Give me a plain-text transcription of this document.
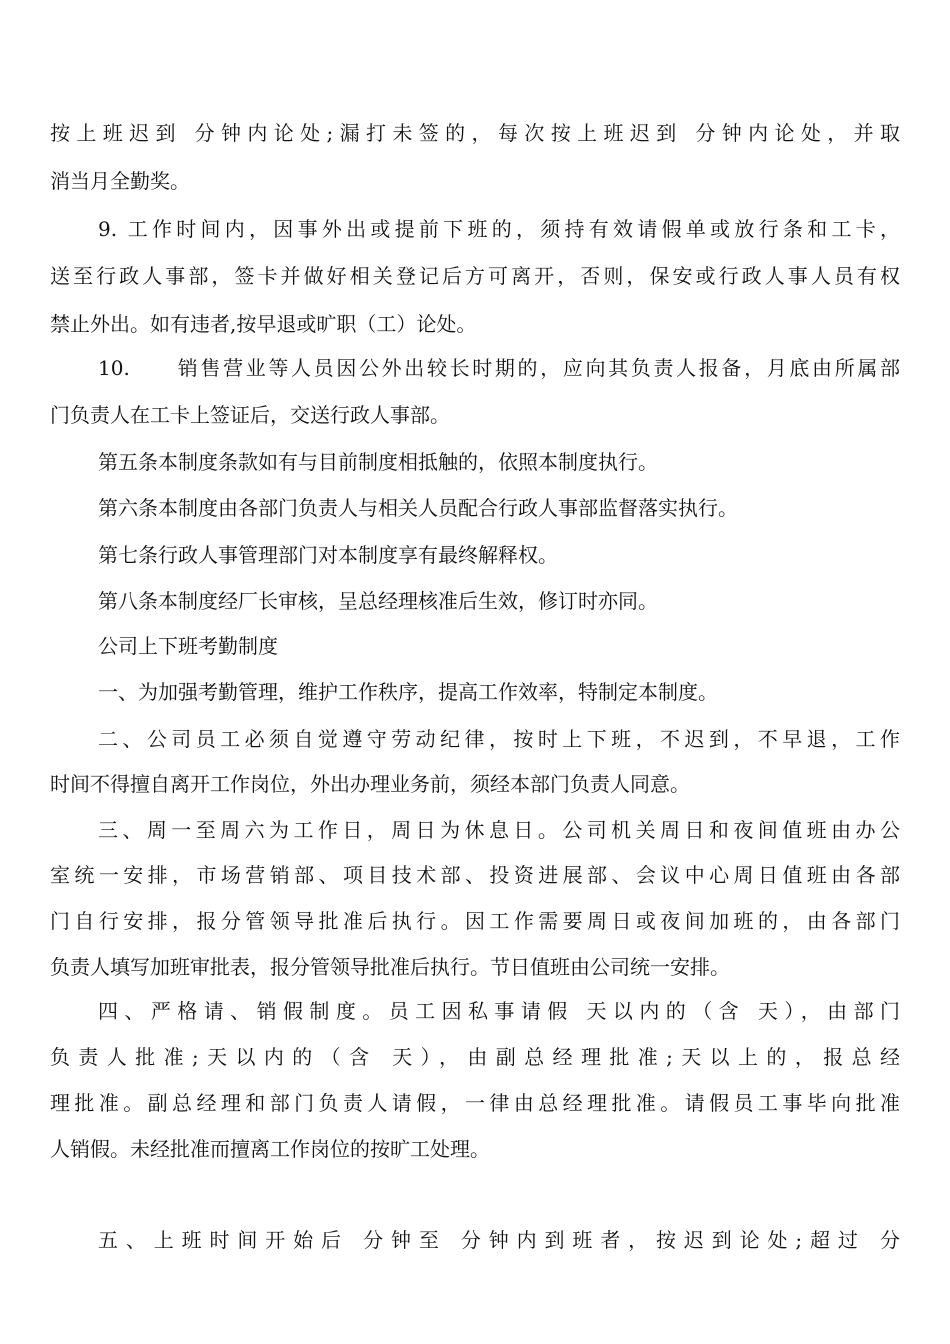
按上班迟到 分钟内论处;漏打未签的，每次按上班迟到 分钟内论处，并取
消当月全勤奖。
9. 工作时间内，因事外出或提前下班的，须持有效请假单或放行条和工卡，
送至行政人事部，签卡并做好相关登记后方可离开，否则，保安或行政人事人员有权
禁止外出。如有违者,按早退或旷职（工）论处。
10.　　销售营业等人员因公外出较长时期的，应向其负责人报备，月底由所属部
门负责人在工卡上签证后，交送行政人事部。
第五条本制度条款如有与目前制度相抵触的，依照本制度执行。
第六条本制度由各部门负责人与相关人员配合行政人事部监督落实执行。
第七条行政人事管理部门对本制度享有最终解释权。
第八条本制度经厂长审核，呈总经理核准后生效，修订时亦同。
公司上下班考勤制度
一、为加强考勤管理，维护工作秩序，提高工作效率，特制定本制度。
二、公司员工必须自觉遵守劳动纪律，按时上下班，不迟到，不早退，工作
时间不得擅自离开工作岗位，外出办理业务前，须经本部门负责人同意。
三、周一至周六为工作日，周日为休息日。公司机关周日和夜间值班由办公
室统一安排，市场营销部、项目技术部、投资进展部、会议中心周日值班由各部
门自行安排，报分管领导批准后执行。因工作需要周日或夜间加班的，由各部门
负责人填写加班审批表，报分管领导批准后执行。节日值班由公司统一安排。
四、严格请、销假制度。员工因私事请假 天以内的（含 天），由部门
负责人批准;天以内的（含 天），由副总经理批准;天以上的，报总经
理批准。副总经理和部门负责人请假，一律由总经理批准。请假员工事毕向批准
人销假。未经批准而擅离工作岗位的按旷工处理。
五、上班时间开始后 分钟至 分钟内到班者，按迟到论处;超过 分
